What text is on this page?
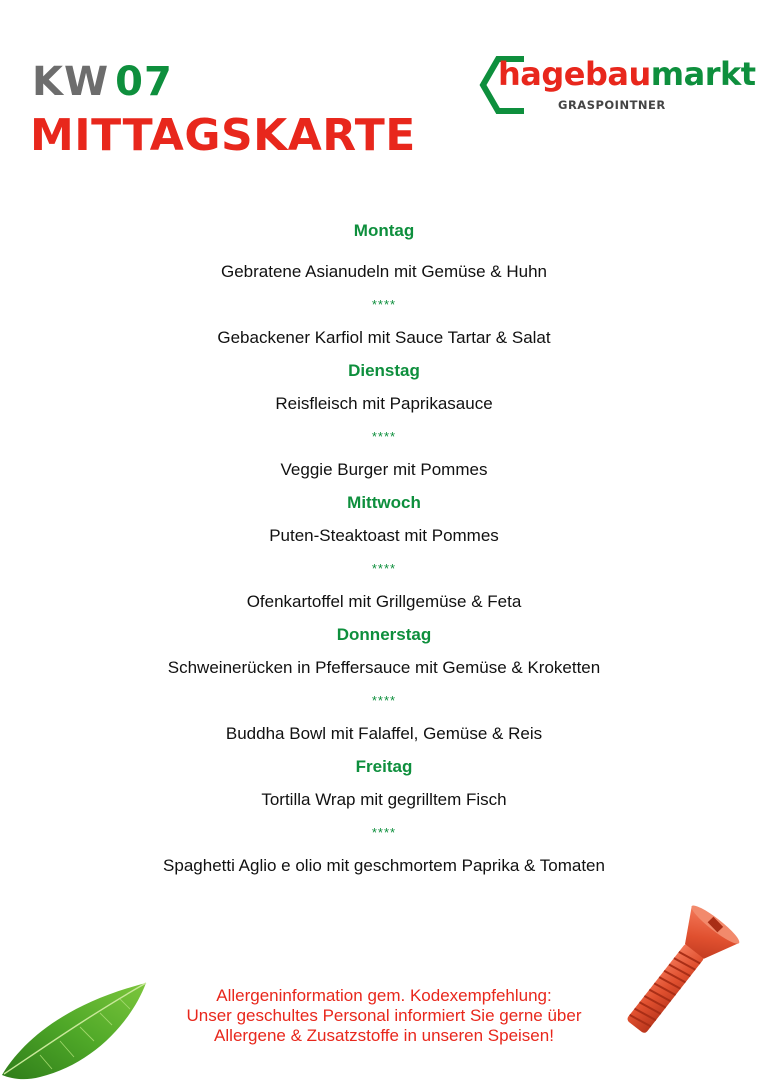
KW 07
MITTAGSKARTE
hagebaumarkt
GRASPOINTNER
Montag
Gebratene Asianudeln mit Gemüse & Huhn
****
Gebackener Karfiol mit Sauce Tartar & Salat
Dienstag
Reisfleisch mit Paprikasauce
****
Veggie Burger mit Pommes
Mittwoch
Puten-Steaktoast mit Pommes
****
Ofenkartoffel mit Grillgemüse & Feta
Donnerstag
Schweinerücken in Pfeffersauce mit Gemüse & Kroketten
****
Buddha Bowl mit Falaffel, Gemüse & Reis
Freitag
Tortilla Wrap mit gegrilltem Fisch
****
Spaghetti Aglio e olio mit geschmortem Paprika & Tomaten
Allergeninformation gem. Kodexempfehlung:
Unser geschultes Personal informiert Sie gerne über
Allergene & Zusatzstoffe in unseren Speisen!
